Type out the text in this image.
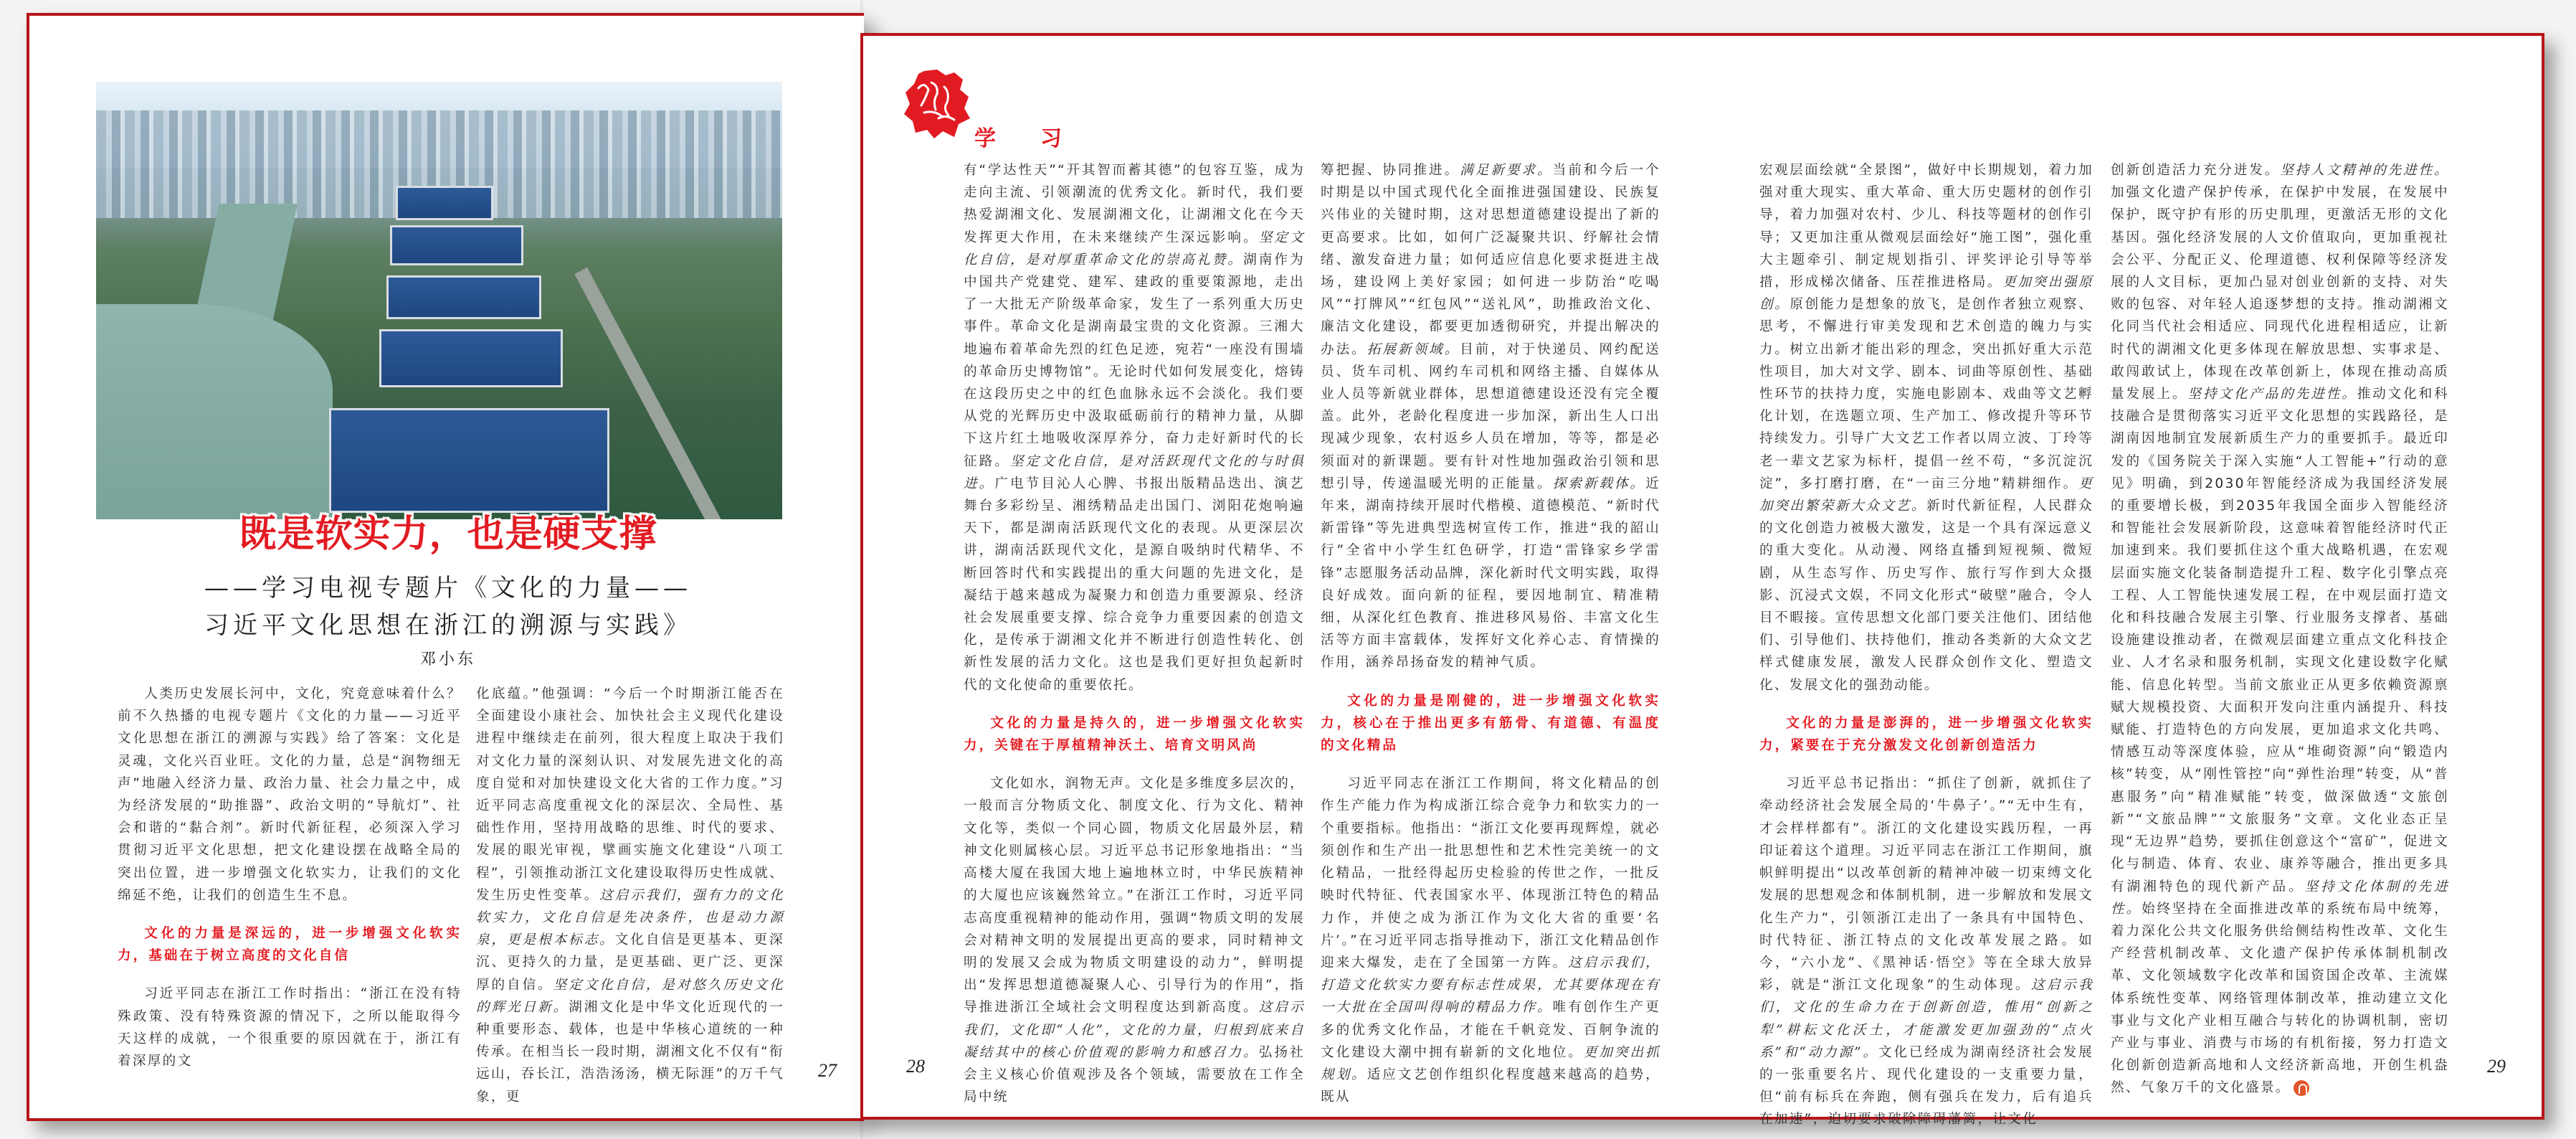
既是软实力，也是硬支撑
——学习电视专题片《文化的力量——
习近平文化思想在浙江的溯源与实践》
邓小东

人类历史发展长河中，文化，究竟意味着什么？前不久热播的电视专题片《文化的力量——习近平文化思想在浙江的溯源与实践》给了答案：文化是灵魂，文化兴百业旺。文化的力量，总是“润物细无声”地融入经济力量、政治力量、社会力量之中，成为经济发展的“助推器”、政治文明的“导航灯”、社会和谐的“黏合剂”。新时代新征程，必须深入学习贯彻习近平文化思想，把文化建设摆在战略全局的突出位置，进一步增强文化软实力，让我们的文化绵延不绝，让我们的创造生生不息。

文化的力量是深远的，进一步增强文化软实力，基础在于树立高度的文化自信

习近平同志在浙江工作时指出：“浙江在没有特殊政策、没有特殊资源的情况下，之所以能取得今天这样的成就，一个很重要的原因就在于，浙江有着深厚的文

化底蕴。”他强调：“今后一个时期浙江能否在全面建设小康社会、加快社会主义现代化建设进程中继续走在前列，很大程度上取决于我们对文化力量的深刻认识、对发展先进文化的高度自觉和对加快建设文化大省的工作力度。”习近平同志高度重视文化的深层次、全局性、基础性作用，坚持用战略的思维、时代的要求、发展的眼光审视，擘画实施文化建设“八项工程”，引领推动浙江文化建设取得历史性成就、发生历史性变革。这启示我们，强有力的文化软实力，文化自信是先决条件，也是动力源泉，更是根本标志。文化自信是更基本、更深沉、更持久的力量，是更基础、更广泛、更深厚的自信。坚定文化自信，是对悠久历史文化的辉光日新。湖湘文化是中华文化近现代的一种重要形态、载体，也是中华核心道统的一种传承。在相当长一段时期，湖湘文化不仅有“衔远山，吞长江，浩浩汤汤，横无际涯”的万千气象，更

27
学 习

有“学达性天”“开其智而蓄其德”的包容互鉴，成为走向主流、引领潮流的优秀文化。新时代，我们要热爱湖湘文化、发展湖湘文化，让湖湘文化在今天发挥更大作用，在未来继续产生深远影响。坚定文化自信，是对厚重革命文化的崇高礼赞。湖南作为中国共产党建党、建军、建政的重要策源地，走出了一大批无产阶级革命家，发生了一系列重大历史事件。革命文化是湖南最宝贵的文化资源。三湘大地遍布着革命先烈的红色足迹，宛若“一座没有围墙的革命历史博物馆”。无论时代如何发展变化，熔铸在这段历史之中的红色血脉永远不会淡化。我们要从党的光辉历史中汲取砥砺前行的精神力量，从脚下这片红土地吸收深厚养分，奋力走好新时代的长征路。坚定文化自信，是对活跃现代文化的与时俱进。广电节目沁人心脾、书报出版精品迭出、演艺舞台多彩纷呈、湘绣精品走出国门、浏阳花炮响遍天下，都是湖南活跃现代文化的表现。从更深层次讲，湖南活跃现代文化，是源自吸纳时代精华、不断回答时代和实践提出的重大问题的先进文化，是凝结于越来越成为凝聚力和创造力重要源泉、经济社会发展重要支撑、综合竞争力重要因素的创造文化，是传承于湖湘文化并不断进行创造性转化、创新性发展的活力文化。这也是我们更好担负起新时代的文化使命的重要依托。

文化的力量是持久的，进一步增强文化软实力，关键在于厚植精神沃土、培育文明风尚

文化如水，润物无声。文化是多维度多层次的，一般而言分物质文化、制度文化、行为文化、精神文化等，类似一个同心圆，物质文化居最外层，精神文化则属核心层。习近平总书记形象地指出：“当高楼大厦在我国大地上遍地林立时，中华民族精神的大厦也应该巍然耸立。”在浙江工作时，习近平同志高度重视精神的能动作用，强调“物质文明的发展会对精神文明的发展提出更高的要求，同时精神文明的发展又会成为物质文明建设的动力”，鲜明提出“发挥思想道德凝聚人心、引导行为的作用”，指导推进浙江全域社会文明程度达到新高度。这启示我们，文化即“人化”，文化的力量，归根到底来自凝结其中的核心价值观的影响力和感召力。弘扬社会主义核心价值观涉及各个领域，需要放在工作全局中统

筹把握、协同推进。满足新要求。当前和今后一个时期是以中国式现代化全面推进强国建设、民族复兴伟业的关键时期，这对思想道德建设提出了新的更高要求。比如，如何广泛凝聚共识、纾解社会情绪、激发奋进力量；如何适应信息化要求挺进主战场，建设网上美好家园；如何进一步防治“吃喝风”“打牌风”“红包风”“送礼风”，助推政治文化、廉洁文化建设，都要更加透彻研究，并提出解决的办法。拓展新领域。目前，对于快递员、网约配送员、货车司机、网约车司机和网络主播、自媒体从业人员等新就业群体，思想道德建设还没有完全覆盖。此外，老龄化程度进一步加深，新出生人口出现减少现象，农村返乡人员在增加，等等，都是必须面对的新课题。要有针对性地加强政治引领和思想引导，传递温暖光明的正能量。探索新载体。近年来，湖南持续开展时代楷模、道德模范、“新时代新雷锋”等先进典型选树宣传工作，推进“我的韶山行”全省中小学生红色研学，打造“雷锋家乡学雷锋”志愿服务活动品牌，深化新时代文明实践，取得良好成效。面向新的征程，要因地制宜、精准精细，从深化红色教育、推进移风易俗、丰富文化生活等方面丰富载体，发挥好文化养心志、育情操的作用，涵养昂扬奋发的精神气质。

文化的力量是刚健的，进一步增强文化软实力，核心在于推出更多有筋骨、有道德、有温度的文化精品

习近平同志在浙江工作期间，将文化精品的创作生产能力作为构成浙江综合竞争力和软实力的一个重要指标。他指出：“浙江文化要再现辉煌，就必须创作和生产出一批思想性和艺术性完美统一的文化精品，一批经得起历史检验的传世之作，一批反映时代特征、代表国家水平、体现浙江特色的精品力作，并使之成为浙江作为文化大省的重要‘名片’。”在习近平同志指导推动下，浙江文化精品创作迎来大爆发，走在了全国第一方阵。这启示我们，打造文化软实力要有标志性成果，尤其要体现在有一大批在全国叫得响的精品力作。唯有创作生产更多的优秀文化作品，才能在千帆竞发、百舸争流的文化建设大潮中拥有崭新的文化地位。更加突出抓规划。适应文艺创作组织化程度越来越高的趋势，既从

宏观层面绘就“全景图”，做好中长期规划，着力加强对重大现实、重大革命、重大历史题材的创作引导，着力加强对农村、少儿、科技等题材的创作引导；又更加注重从微观层面绘好“施工图”，强化重大主题牵引、制定规划指引、评奖评论引导等举措，形成梯次储备、压茬推进格局。更加突出强原创。原创能力是想象的放飞，是创作者独立观察、思考，不懈进行审美发现和艺术创造的魄力与实力。树立出新才能出彩的理念，突出抓好重大示范性项目，加大对文学、剧本、词曲等原创性、基础性环节的扶持力度，实施电影剧本、戏曲等文艺孵化计划，在选题立项、生产加工、修改提升等环节持续发力。引导广大文艺工作者以周立波、丁玲等老一辈文艺家为标杆，提倡一丝不苟，“多沉淀沉淀”，多打磨打磨，在“一亩三分地”精耕细作。更加突出繁荣新大众文艺。新时代新征程，人民群众的文化创造力被极大激发，这是一个具有深远意义的重大变化。从动漫、网络直播到短视频、微短剧，从生态写作、历史写作、旅行写作到大众摄影、沉浸式文娱，不同文化形式“破壁”融合，令人目不暇接。宣传思想文化部门要关注他们、团结他们、引导他们、扶持他们，推动各类新的大众文艺样式健康发展，激发人民群众创作文化、塑造文化、发展文化的强劲动能。

文化的力量是澎湃的，进一步增强文化软实力，紧要在于充分激发文化创新创造活力

习近平总书记指出：“抓住了创新，就抓住了牵动经济社会发展全局的‘牛鼻子’。”“无中生有，才会样样都有”。浙江的文化建设实践历程，一再印证着这个道理。习近平同志在浙江工作期间，旗帜鲜明提出“以改革创新的精神冲破一切束缚文化发展的思想观念和体制机制，进一步解放和发展文化生产力”，引领浙江走出了一条具有中国特色、时代特征、浙江特点的文化改革发展之路。如今，“六小龙”、《黑神话·悟空》等在全球大放异彩，就是“浙江文化现象”的生动体现。这启示我们，文化的生命力在于创新创造，惟用“创新之犁”耕耘文化沃土，才能激发更加强劲的“点火系”和“动力源”。文化已经成为湖南经济社会发展的一张重要名片、现代化建设的一支重要力量，但“前有标兵在奔跑，侧有强兵在发力，后有追兵在加速”，迫切要求破除障碍藩篱，让文化

创新创造活力充分迸发。坚持人文精神的先进性。加强文化遗产保护传承，在保护中发展，在发展中保护，既守护有形的历史肌理，更激活无形的文化基因。强化经济发展的人文价值取向，更加重视社会公平、分配正义、伦理道德、权利保障等经济发展的人文目标，更加凸显对创业创新的支持、对失败的包容、对年轻人追逐梦想的支持。推动湖湘文化同当代社会相适应、同现代化进程相适应，让新时代的湖湘文化更多体现在解放思想、实事求是、敢闯敢试上，体现在改革创新上，体现在推动高质量发展上。坚持文化产品的先进性。推动文化和科技融合是贯彻落实习近平文化思想的实践路径，是湖南因地制宜发展新质生产力的重要抓手。最近印发的《国务院关于深入实施“人工智能+”行动的意见》明确，到2030年智能经济成为我国经济发展的重要增长极，到2035年我国全面步入智能经济和智能社会发展新阶段，这意味着智能经济时代正加速到来。我们要抓住这个重大战略机遇，在宏观层面实施文化装备制造提升工程、数字化引擎点亮工程、人工智能快速发展工程，在中观层面打造文化和科技融合发展主引擎、行业服务支撑者、基础设施建设推动者，在微观层面建立重点文化科技企业、人才名录和服务机制，实现文化建设数字化赋能、信息化转型。当前文旅业正从更多依赖资源禀赋大规模投资、大面积开发向注重内涵提升、科技赋能、打造特色的方向发展，更加追求文化共鸣、情感互动等深度体验，应从“堆砌资源”向“锻造内核”转变，从“刚性管控”向“弹性治理”转变，从“普惠服务”向“精准赋能”转变，做深做透“文旅创新”“文旅品牌”“文旅服务”文章。文化业态正呈现“无边界”趋势，要抓住创意这个“富矿”，促进文化与制造、体育、农业、康养等融合，推出更多具有湖湘特色的现代新产品。坚持文化体制的先进性。始终坚持在全面推进改革的系统布局中统筹，着力深化公共文化服务供给侧结构性改革、文化生产经营机制改革、文化遗产保护传承体制机制改革、文化领域数字化改革和国资国企改革、主流媒体系统性变革、网络管理体制改革，推动建立文化事业与文化产业相互融合与转化的协调机制，密切产业与事业、消费与市场的有机衔接，努力打造文化创新创造新高地和人文经济新高地，开创生机盎然、气象万千的文化盛景。

28	29
